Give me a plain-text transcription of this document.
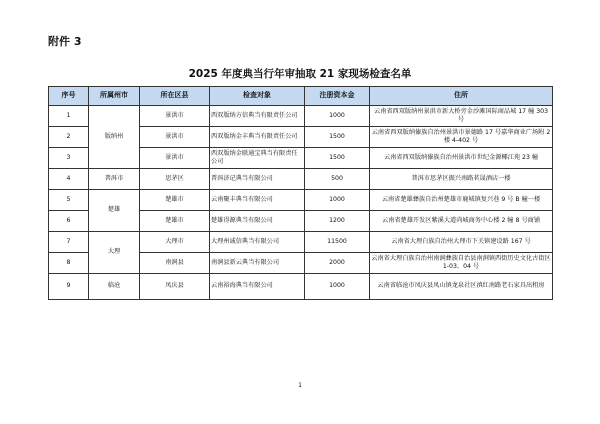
附件 3
2025 年度典当行年审抽取 21 家现场检查名单
序号	所属州市	所在区县	检查对象	注册资本金	住所
1	版纳州	景洪市	西双版纳方信典当有限责任公司	1000	云南省西双版纳州景洪市新大桥旁金沙滩国际商品城 17 幢 303 号
2		景洪市	西双版纳金丰典当有限责任公司	1500	云南省西双版纳傣族自治州景洪市景德路 17 号嘉华商业广场附 2 楼 4-402 号
3		景洪市	西双版纳金联通宝典当有限责任公司	1500	云南省西双版纳傣族自治州景洪市世纪金源椰江苑 23 幢
4	普洱市	思茅区	普洱济记典当有限公司	500	普洱市思茅区振兴南路茗晟酒店一楼
5	楚雄	楚雄市	云南聚丰典当有限公司	1000	云南省楚雄彝族自治州楚雄市鹿城镇复兴巷 9 号 B 幢一楼
6		楚雄市	楚雄得源典当有限公司	1200	云南省楚雄开发区紫溪大道尚城商务中心楼 2 幢 8 号商铺
7	大理	大理市	大理州诚信典当有限公司	11500	云南省大理白族自治州大理市下关镇建设路 167 号
8		南涧县	南涧县新云典当有限公司	2000	云南省大理白族自治州南涧彝族自治县南涧镇西街历史文化古街区 1-03、04 号
9	临沧	凤庆县	云南裕海典当有限公司	1000	云南省临沧市凤庆县凤山镇龙泉社区滇红南路老石家具出租房
1
